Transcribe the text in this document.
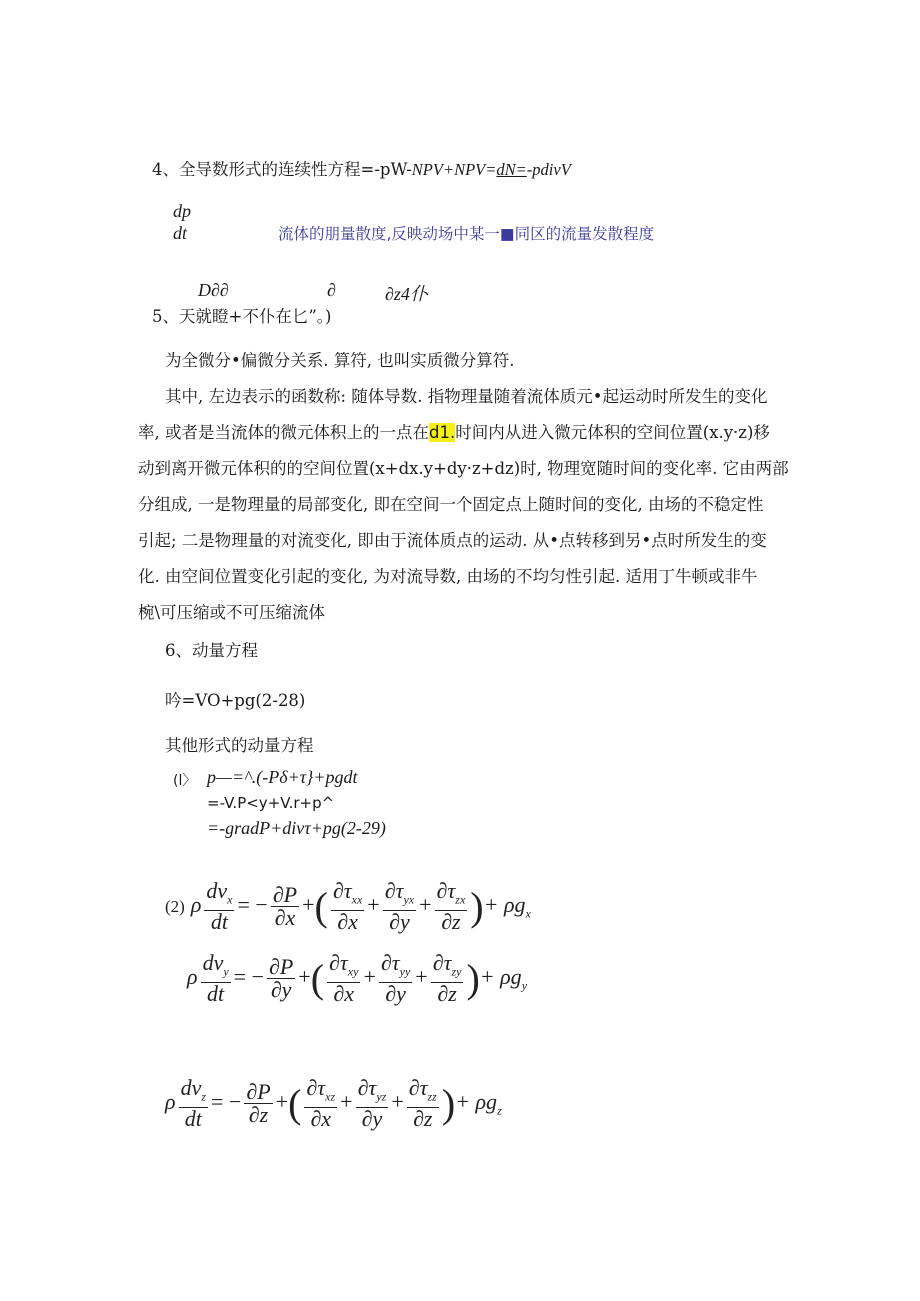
4、全导数形式的连续性方程=-pW-NPV+NPV=dN=-pdivV
dp
dt	流体的朋量散度,反映动场中某一■同区的流量发散程度
D∂∂	∂	∂z4仆
5、天就瞪+不仆在匕”。)
为全微分•偏微分关系. 算符, 也叫实质微分算符.
其中, 左边表示的函数称: 随体导数. 指物理量随着流体质元•起运动时所发生的变化
率, 或者是当流体的微元体积上的一点在d1.时间内从进入微元体积的空间位置(x.y·z)移
动到离开微元体积的的空间位置(x+dx.y+dy·z+dz)时, 物理宽随时间的变化率. 它由两部
分组成, 一是物理量的局部变化, 即在空间一个固定点上随时间的变化, 由场的不稳定性
引起; 二是物理量的对流变化, 即由于流体质点的运动. 从•点转移到另•点时所发生的变
化. 由空间位置变化引起的变化, 为对流导数, 由场的不均匀性引起. 适用丁牛顿或非牛
椀\可压缩或不可压缩流体
6、动量方程
吟=VO+pg(2-28)
其他形式的动量方程
(l〉 p—=^.(-Pδ+τ}+pgdt
=-V.P<y+V.r+p^
=-gradP+divτ+pg(2-29)
(2) ρ $\frac{dv_x}{dt}$ = − $\frac{\partial P}{\partial x}$ +( $\frac{\partial\tau_{xx}}{\partial x} + \frac{\partial\tau_{yx}}{\partial y} + \frac{\partial\tau_{zx}}{\partial z}$ )+ $\rho g_x$
ρ $\frac{dv_y}{dt}$ = − $\frac{\partial P}{\partial y}$ +( $\frac{\partial\tau_{xy}}{\partial x} + \frac{\partial\tau_{yy}}{\partial y} + \frac{\partial\tau_{zy}}{\partial z}$ )+ $\rho g_y$
ρ $\frac{dv_z}{dt}$ = − $\frac{\partial P}{\partial z}$ +( $\frac{\partial\tau_{xz}}{\partial x} + \frac{\partial\tau_{yz}}{\partial y} + \frac{\partial\tau_{zz}}{\partial z}$ )+ $\rho g_z$
